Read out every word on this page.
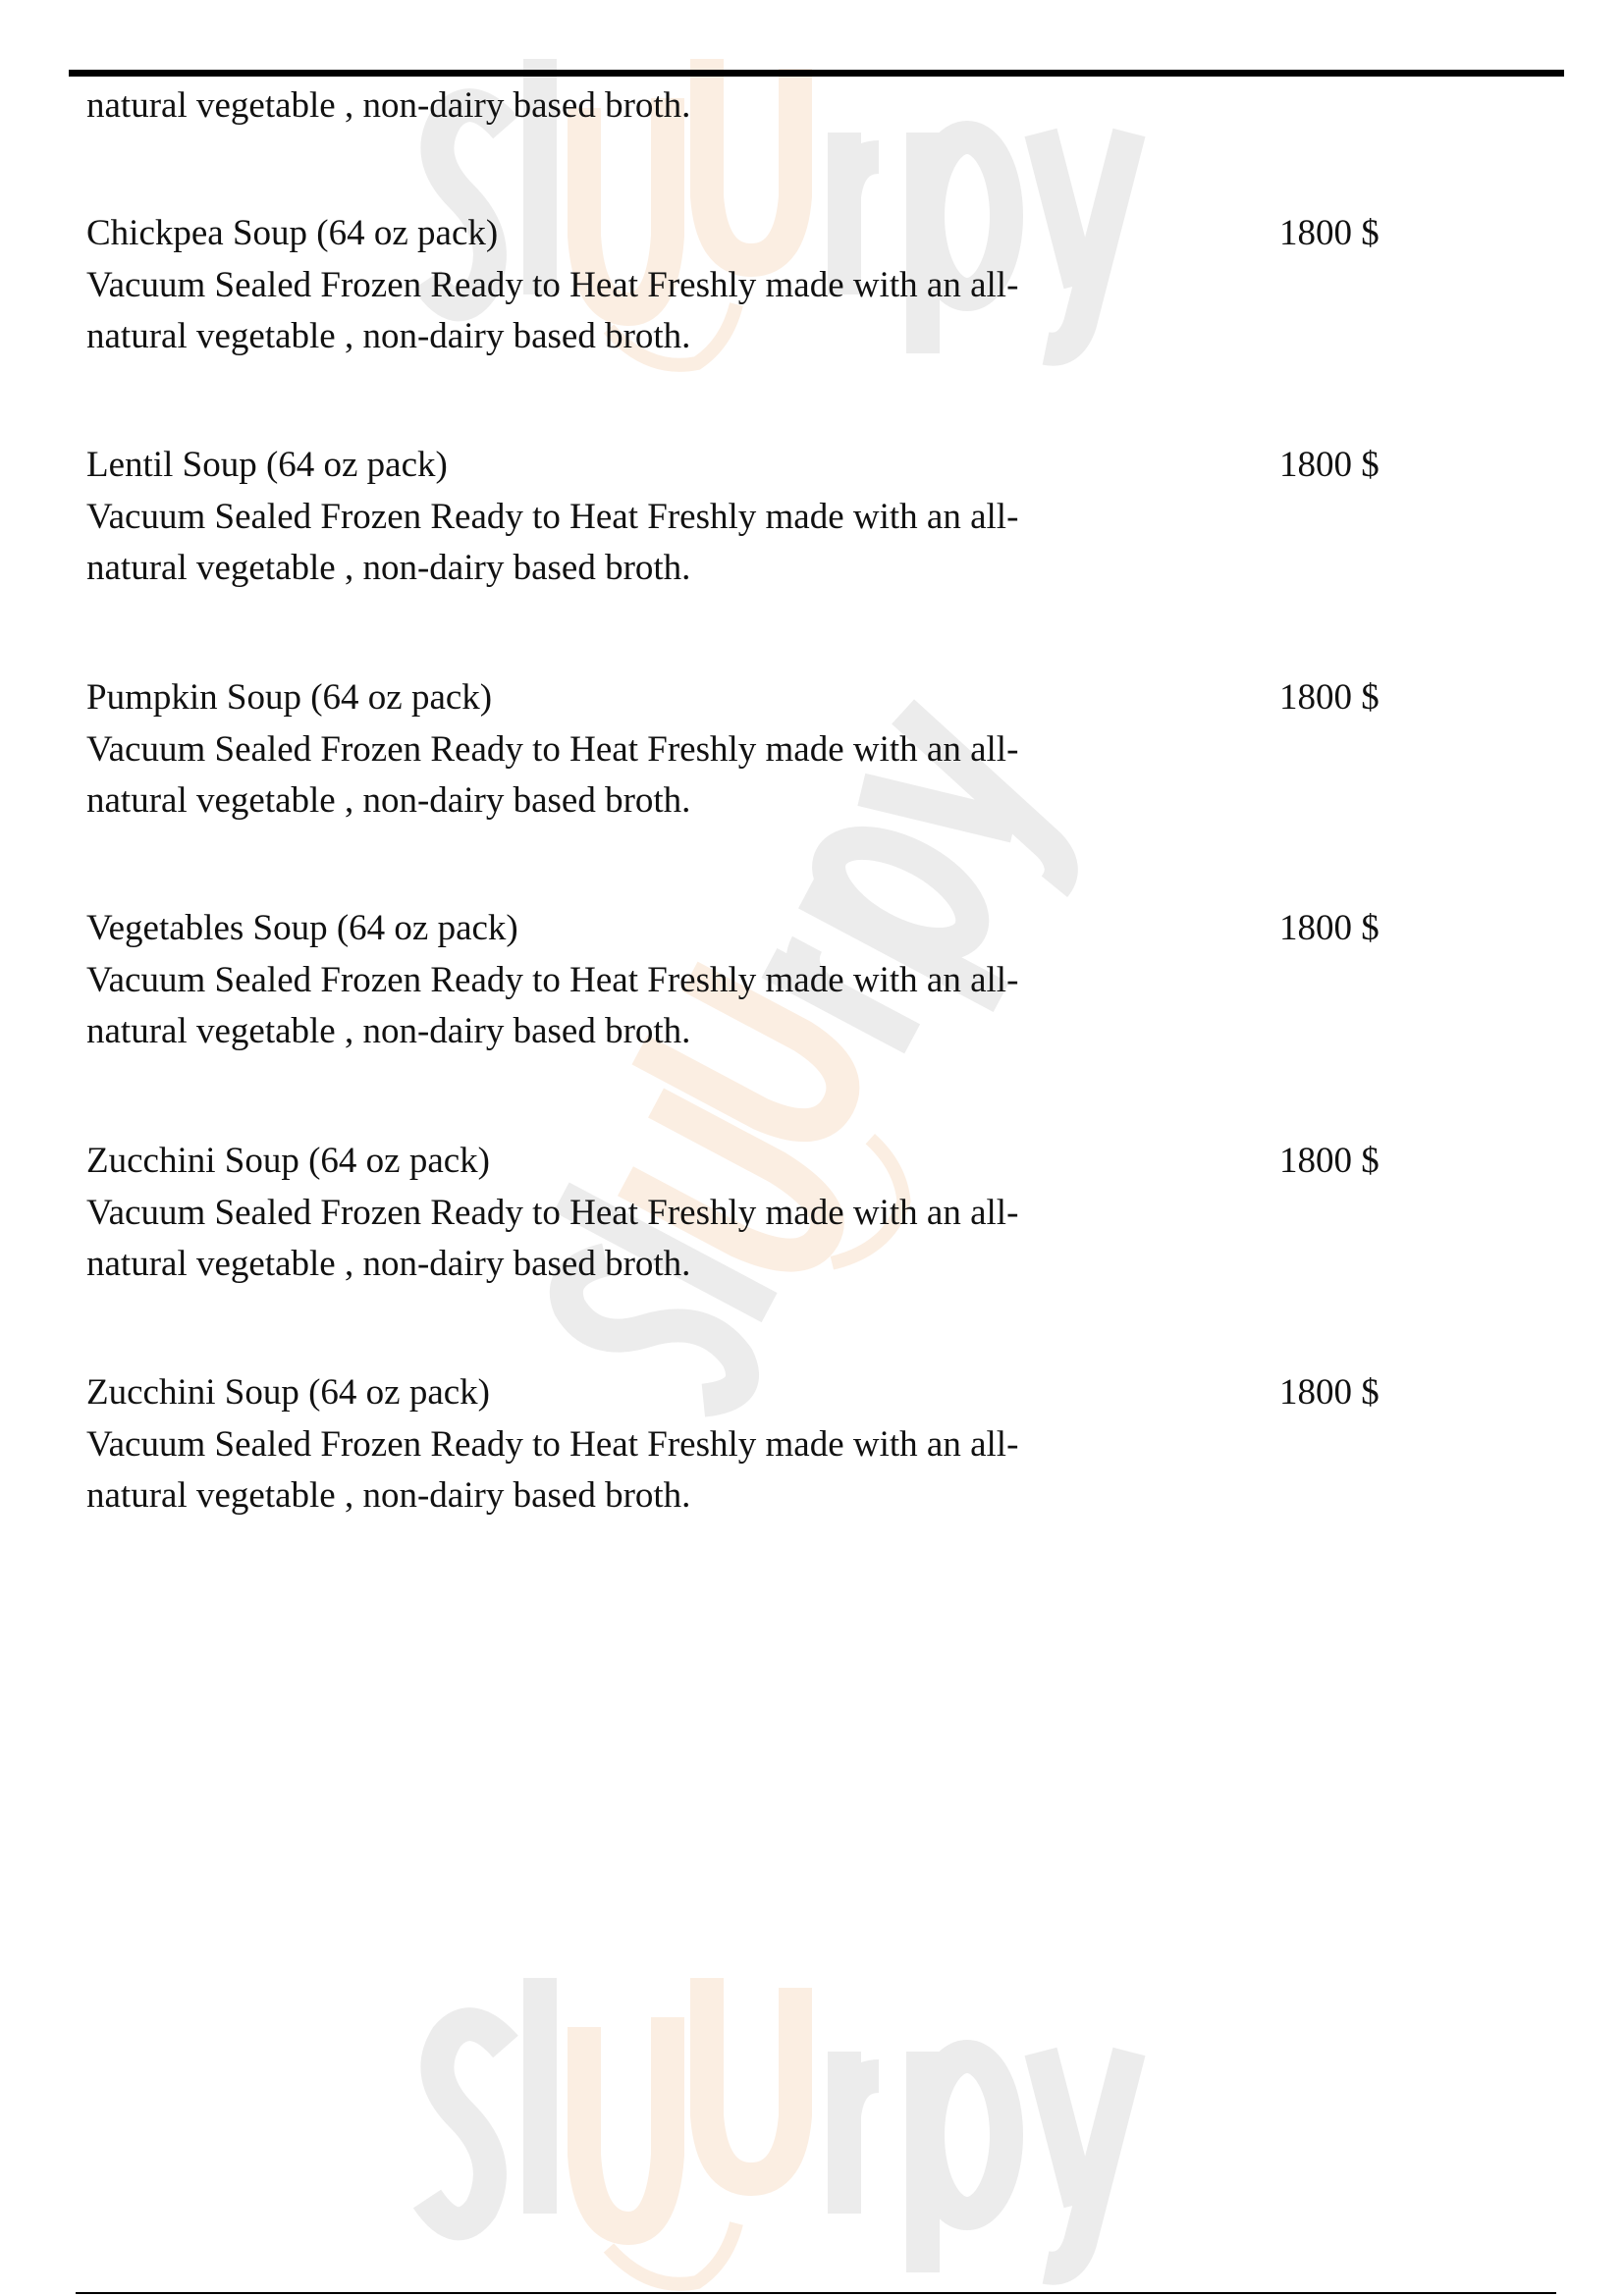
natural vegetable , non-dairy based broth.
Chickpea Soup (64 oz pack)
Vacuum Sealed Frozen Ready to Heat Freshly made with an all-
natural vegetable , non-dairy based broth.
1800 $
Lentil Soup (64 oz pack)
Vacuum Sealed Frozen Ready to Heat Freshly made with an all-
natural vegetable , non-dairy based broth.
1800 $
Pumpkin Soup (64 oz pack)
Vacuum Sealed Frozen Ready to Heat Freshly made with an all-
natural vegetable , non-dairy based broth.
1800 $
Vegetables Soup (64 oz pack)
Vacuum Sealed Frozen Ready to Heat Freshly made with an all-
natural vegetable , non-dairy based broth.
1800 $
Zucchini Soup (64 oz pack)
Vacuum Sealed Frozen Ready to Heat Freshly made with an all-
natural vegetable , non-dairy based broth.
1800 $
Zucchini Soup (64 oz pack)
Vacuum Sealed Frozen Ready to Heat Freshly made with an all-
natural vegetable , non-dairy based broth.
1800 $
